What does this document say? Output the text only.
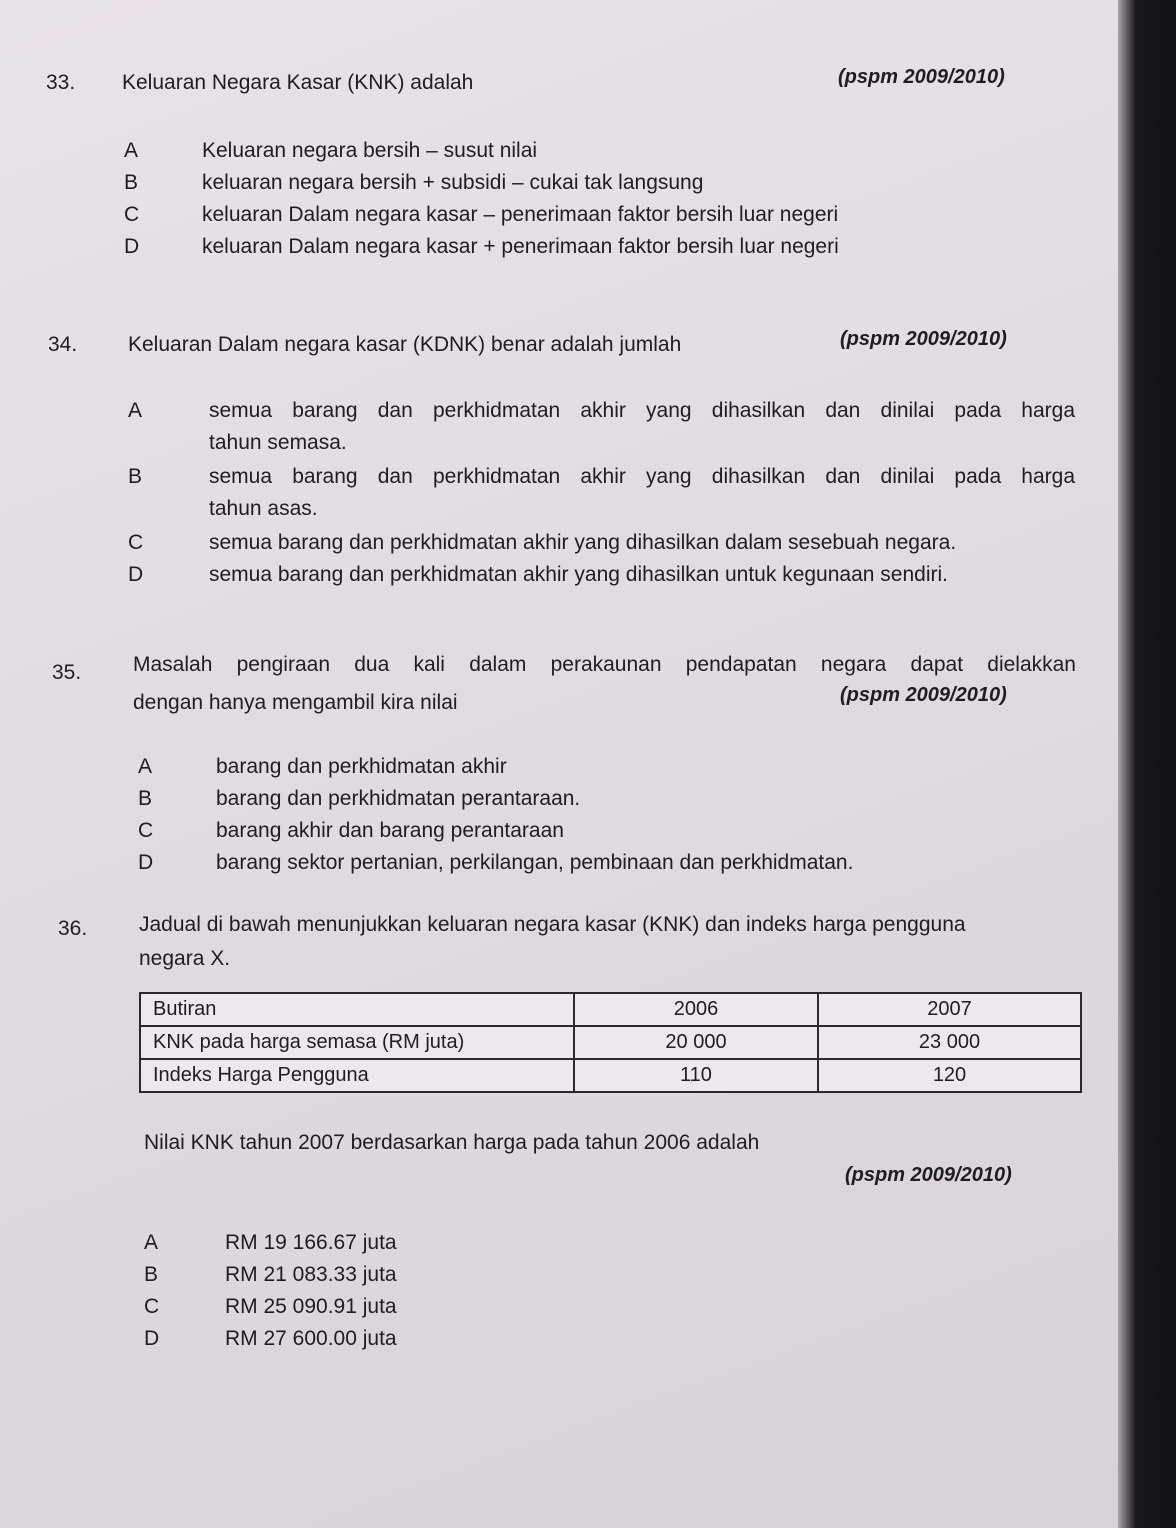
33. Keluaran Negara Kasar (KNK) adalah	(pspm 2009/2010)
A	Keluaran negara bersih – susut nilai
B	keluaran negara bersih + subsidi – cukai tak langsung
C	keluaran Dalam negara kasar – penerimaan faktor bersih luar negeri
D	keluaran Dalam negara kasar + penerimaan faktor bersih luar negeri
34. Keluaran Dalam negara kasar (KDNK) benar adalah jumlah	(pspm 2009/2010)
A	semua barang dan perkhidmatan akhir yang dihasilkan dan dinilai pada harga
tahun semasa.
B	semua barang dan perkhidmatan akhir yang dihasilkan dan dinilai pada harga
tahun asas.
C	semua barang dan perkhidmatan akhir yang dihasilkan dalam sesebuah negara.
D	semua barang dan perkhidmatan akhir yang dihasilkan untuk kegunaan sendiri.
35. Masalah pengiraan dua kali dalam perakaunan pendapatan negara dapat dielakkan
dengan hanya mengambil kira nilai	(pspm 2009/2010)
A	barang dan perkhidmatan akhir
B	barang dan perkhidmatan perantaraan.
C	barang akhir dan barang perantaraan
D	barang sektor pertanian, perkilangan, pembinaan dan perkhidmatan.
36. Jadual di bawah menunjukkan keluaran negara kasar (KNK) dan indeks harga pengguna
negara X.
Butiran	2006	2007
KNK pada harga semasa (RM juta)	20 000	23 000
Indeks Harga Pengguna	110	120
Nilai KNK tahun 2007 berdasarkan harga pada tahun 2006 adalah
(pspm 2009/2010)
A	RM 19 166.67 juta
B	RM 21 083.33 juta
C	RM 25 090.91 juta
D	RM 27 600.00 juta
